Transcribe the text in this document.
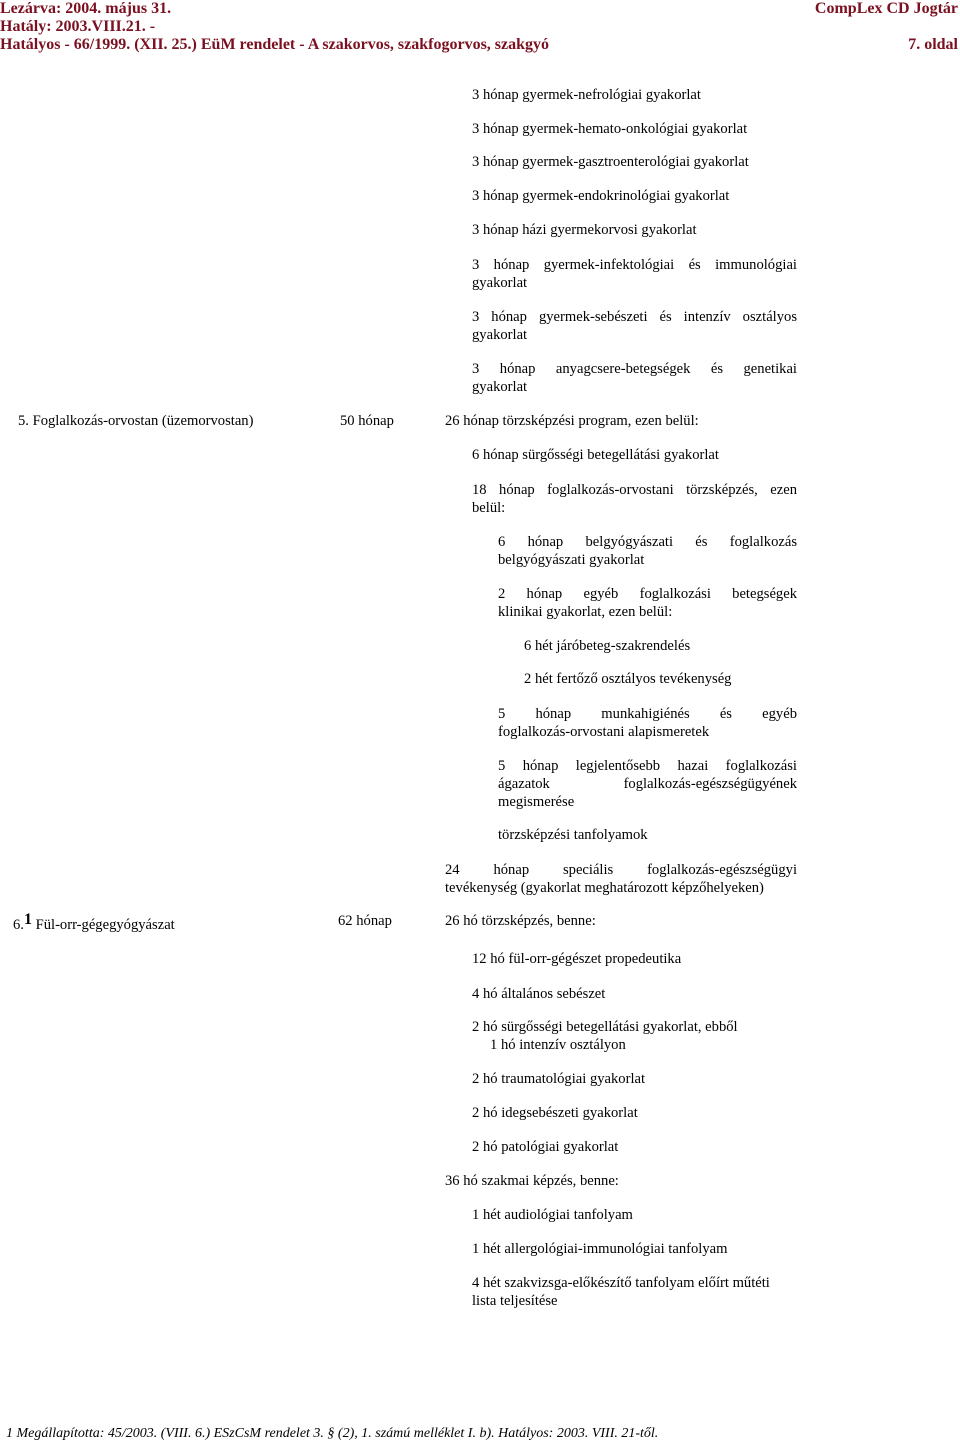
Lezárva: 2004. május 31.	CompLex CD Jogtár
Hatály: 2003.VIII.21. -
Hatályos - 66/1999. (XII. 25.) EüM rendelet - A szakorvos, szakfogorvos, szakgyó	7. oldal
3 hónap gyermek-nefrológiai gyakorlat
3 hónap gyermek-hemato-onkológiai gyakorlat
3 hónap gyermek-gasztroenterológiai gyakorlat
3 hónap gyermek-endokrinológiai gyakorlat
3 hónap házi gyermekorvosi gyakorlat
3 hónap gyermek-infektológiai és immunológiai
gyakorlat
3 hónap gyermek-sebészeti és intenzív osztályos
gyakorlat
3 hónap anyagcsere-betegségek és genetikai
gyakorlat
5. Foglalkozás-orvostan (üzemorvostan)	50 hónap	26 hónap törzsképzési program, ezen belül:
6 hónap sürgősségi betegellátási gyakorlat
18 hónap foglalkozás-orvostani törzsképzés, ezen
belül:
6 hónap belgyógyászati és foglalkozás
belgyógyászati gyakorlat
2 hónap egyéb foglalkozási betegségek
klinikai gyakorlat, ezen belül:
6 hét járóbeteg-szakrendelés
2 hét fertőző osztályos tevékenység
5 hónap munkahigiénés és egyéb
foglalkozás-orvostani alapismeretek
5 hónap legjelentősebb hazai foglalkozási
ágazatok foglalkozás-egészségügyének
megismerése
törzsképzési tanfolyamok
24 hónap speciális foglalkozás-egészségügyi
tevékenység (gyakorlat meghatározott képzőhelyeken)
6.1 Fül-orr-gégegyógyászat	62 hónap	26 hó törzsképzés, benne:
12 hó fül-orr-gégészet propedeutika
4 hó általános sebészet
2 hó sürgősségi betegellátási gyakorlat, ebből
1 hó intenzív osztályon
2 hó traumatológiai gyakorlat
2 hó idegsebészeti gyakorlat
2 hó patológiai gyakorlat
36 hó szakmai képzés, benne:
1 hét audiológiai tanfolyam
1 hét allergológiai-immunológiai tanfolyam
4 hét szakvizsga-előkészítő tanfolyam előírt műtéti
lista teljesítése
1 Megállapította: 45/2003. (VIII. 6.) ESzCsM rendelet 3. § (2), 1. számú melléklet I. b). Hatályos: 2003. VIII. 21-től.
